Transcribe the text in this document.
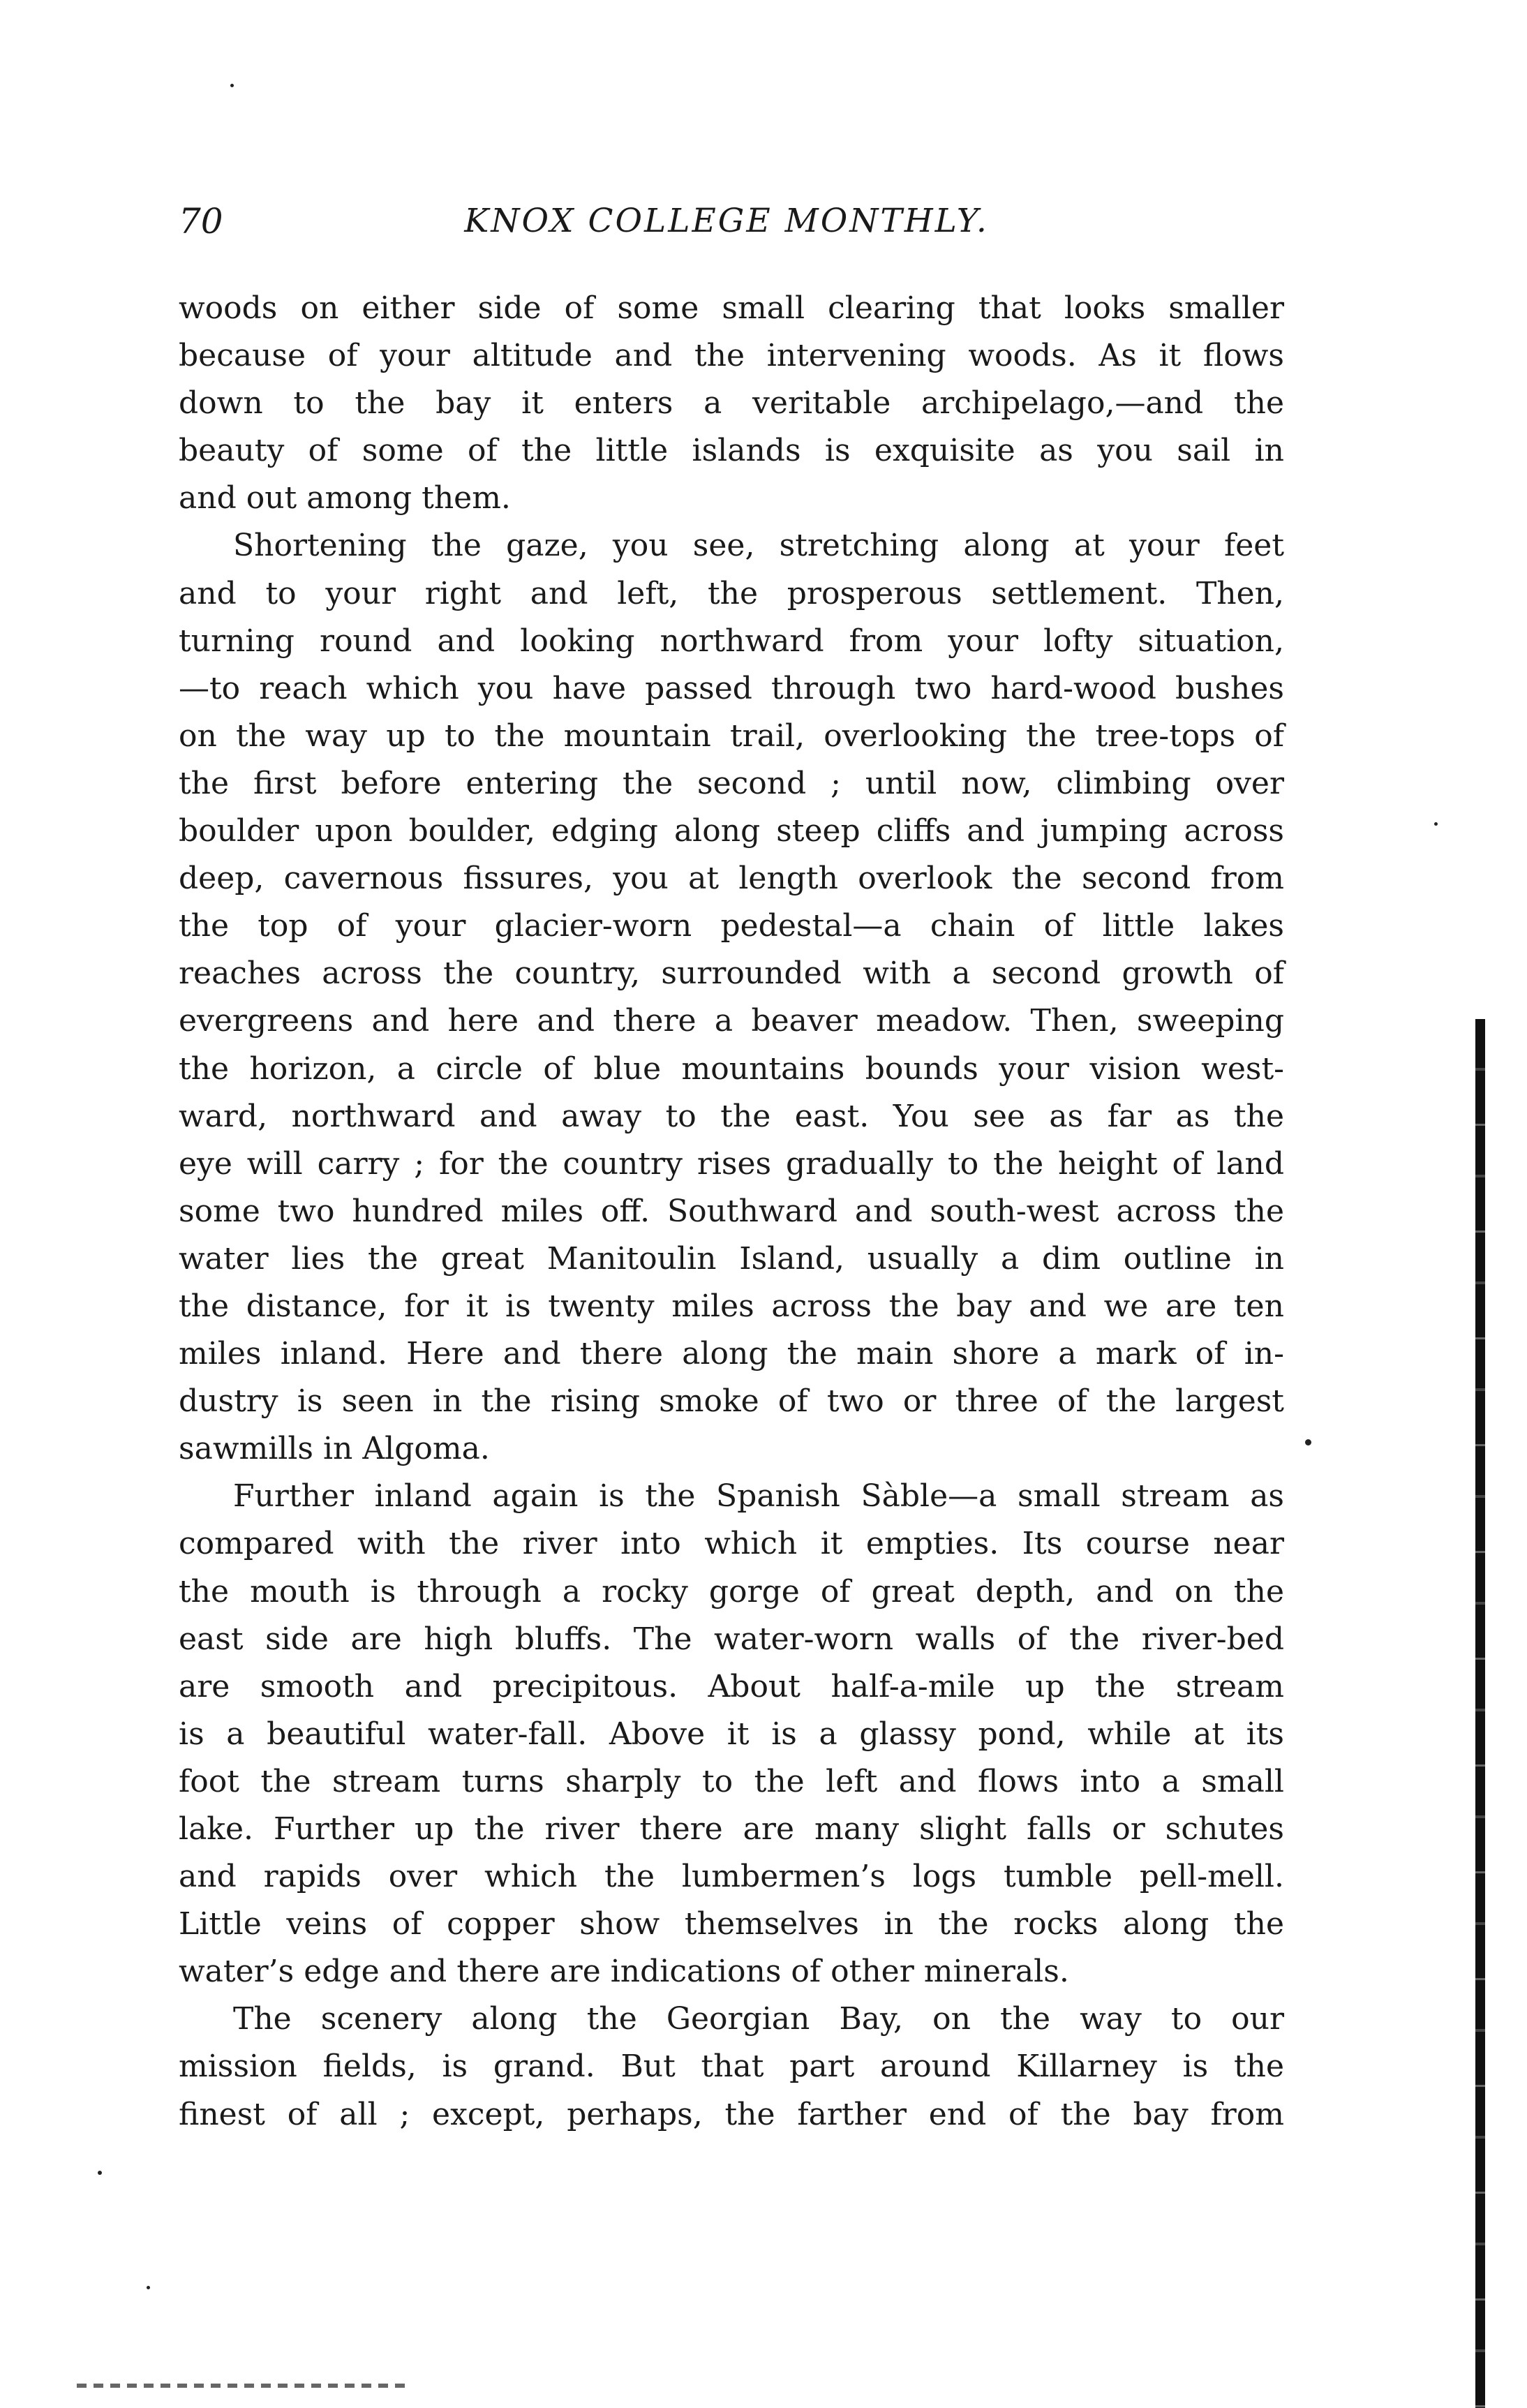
70	KNOX COLLEGE MONTHLY.

woods on either side of some small clearing that looks smaller
because of your altitude and the intervening woods. As it flows
down to the bay it enters a veritable archipelago,—and the
beauty of some of the little islands is exquisite as you sail in
and out among them.

Shortening the gaze, you see, stretching along at your feet
and to your right and left, the prosperous settlement. Then,
turning round and looking northward from your lofty situation,
—to reach which you have passed through two hard-wood bushes
on the way up to the mountain trail, overlooking the tree-tops of
the first before entering the second ; until now, climbing over
boulder upon boulder, edging along steep cliffs and jumping across
deep, cavernous fissures, you at length overlook the second from
the top of your glacier-worn pedestal—a chain of little lakes
reaches across the country, surrounded with a second growth of
evergreens and here and there a beaver meadow. Then, sweeping
the horizon, a circle of blue mountains bounds your vision west-
ward, northward and away to the east. You see as far as the
eye will carry ; for the country rises gradually to the height of land
some two hundred miles off. Southward and south-west across the
water lies the great Manitoulin Island, usually a dim outline in
the distance, for it is twenty miles across the bay and we are ten
miles inland. Here and there along the main shore a mark of in-
dustry is seen in the rising smoke of two or three of the largest
sawmills in Algoma.

Further inland again is the Spanish Sàble—a small stream as
compared with the river into which it empties. Its course near
the mouth is through a rocky gorge of great depth, and on the
east side are high bluffs. The water-worn walls of the river-bed
are smooth and precipitous. About half-a-mile up the stream
is a beautiful water-fall. Above it is a glassy pond, while at its
foot the stream turns sharply to the left and flows into a small
lake. Further up the river there are many slight falls or schutes
and rapids over which the lumbermen’s logs tumble pell-mell.
Little veins of copper show themselves in the rocks along the
water’s edge and there are indications of other minerals.

The scenery along the Georgian Bay, on the way to our
mission fields, is grand. But that part around Killarney is the
finest of all ; except, perhaps, the farther end of the bay from
